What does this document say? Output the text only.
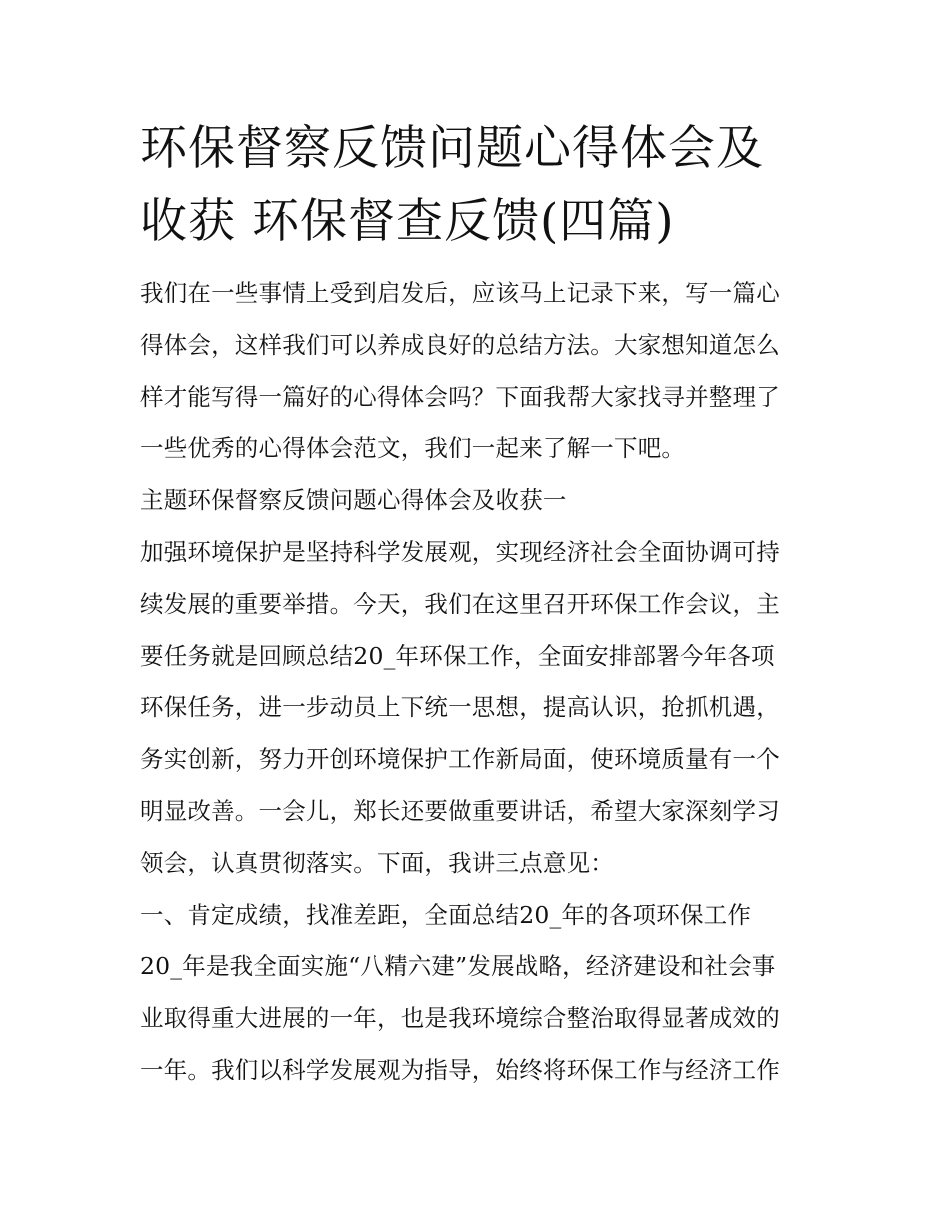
环保督察反馈问题心得体会及
收获 环保督查反馈(四篇)
我们在一些事情上受到启发后，应该马上记录下来，写一篇心
得体会，这样我们可以养成良好的总结方法。大家想知道怎么
样才能写得一篇好的心得体会吗？下面我帮大家找寻并整理了
一些优秀的心得体会范文，我们一起来了解一下吧。
主题环保督察反馈问题心得体会及收获一
加强环境保护是坚持科学发展观，实现经济社会全面协调可持
续发展的重要举措。今天，我们在这里召开环保工作会议，主
要任务就是回顾总结20_年环保工作，全面安排部署今年各项
环保任务，进一步动员上下统一思想，提高认识，抢抓机遇，
务实创新，努力开创环境保护工作新局面，使环境质量有一个
明显改善。一会儿，郑长还要做重要讲话，希望大家深刻学习
领会，认真贯彻落实。下面，我讲三点意见：
一、肯定成绩，找准差距，全面总结20_年的各项环保工作
20_年是我全面实施“八精六建”发展战略，经济建设和社会事
业取得重大进展的一年，也是我环境综合整治取得显著成效的
一年。我们以科学发展观为指导，始终将环保工作与经济工作
